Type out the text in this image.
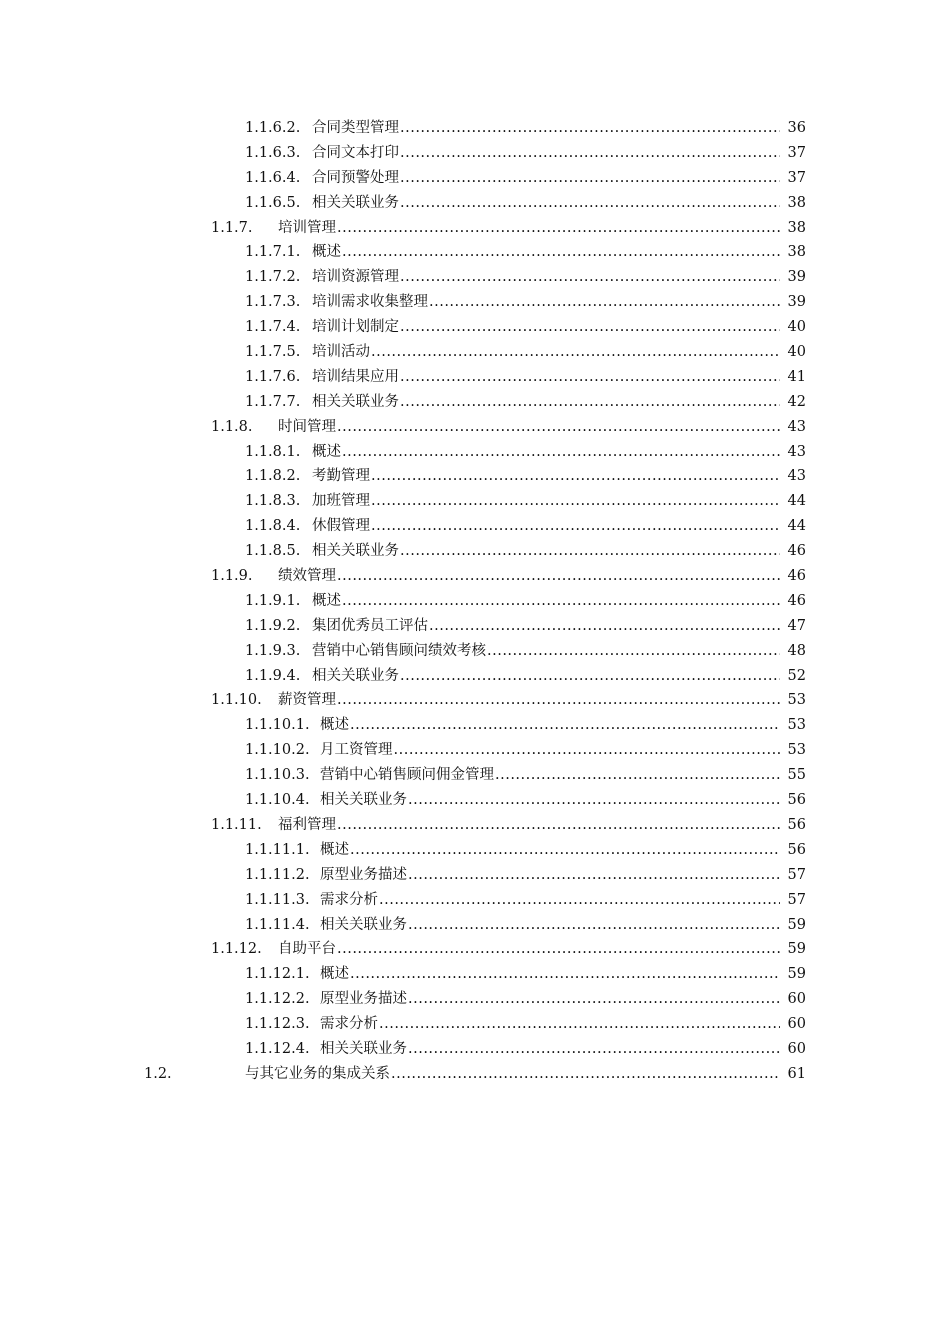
1.1.6.2. 合同类型管理 .....	36
1.1.6.3. 合同文本打印 .....	37
1.1.6.4. 合同预警处理 .....	37
1.1.6.5. 相关关联业务 .....	38
1.1.7. 培训管理 .....	38
1.1.7.1. 概述 .....	38
1.1.7.2. 培训资源管理 .....	39
1.1.7.3. 培训需求收集整理 .....	39
1.1.7.4. 培训计划制定 .....	40
1.1.7.5. 培训活动 .....	40
1.1.7.6. 培训结果应用 .....	41
1.1.7.7. 相关关联业务 .....	42
1.1.8. 时间管理 .....	43
1.1.8.1. 概述 .....	43
1.1.8.2. 考勤管理 .....	43
1.1.8.3. 加班管理 .....	44
1.1.8.4. 休假管理 .....	44
1.1.8.5. 相关关联业务 .....	46
1.1.9. 绩效管理 .....	46
1.1.9.1. 概述 .....	46
1.1.9.2. 集团优秀员工评估 .....	47
1.1.9.3. 营销中心销售顾问绩效考核 .....	48
1.1.9.4. 相关关联业务 .....	52
1.1.10. 薪资管理 .....	53
1.1.10.1. 概述 .....	53
1.1.10.2. 月工资管理 .....	53
1.1.10.3. 营销中心销售顾问佣金管理 .....	55
1.1.10.4. 相关关联业务 .....	56
1.1.11. 福利管理 .....	56
1.1.11.1. 概述 .....	56
1.1.11.2. 原型业务描述 .....	57
1.1.11.3. 需求分析 .....	57
1.1.11.4. 相关关联业务 .....	59
1.1.12. 自助平台 .....	59
1.1.12.1. 概述 .....	59
1.1.12.2. 原型业务描述 .....	60
1.1.12.3. 需求分析 .....	60
1.1.12.4. 相关关联业务 .....	60
1.2.	与其它业务的集成关系 .....	61
